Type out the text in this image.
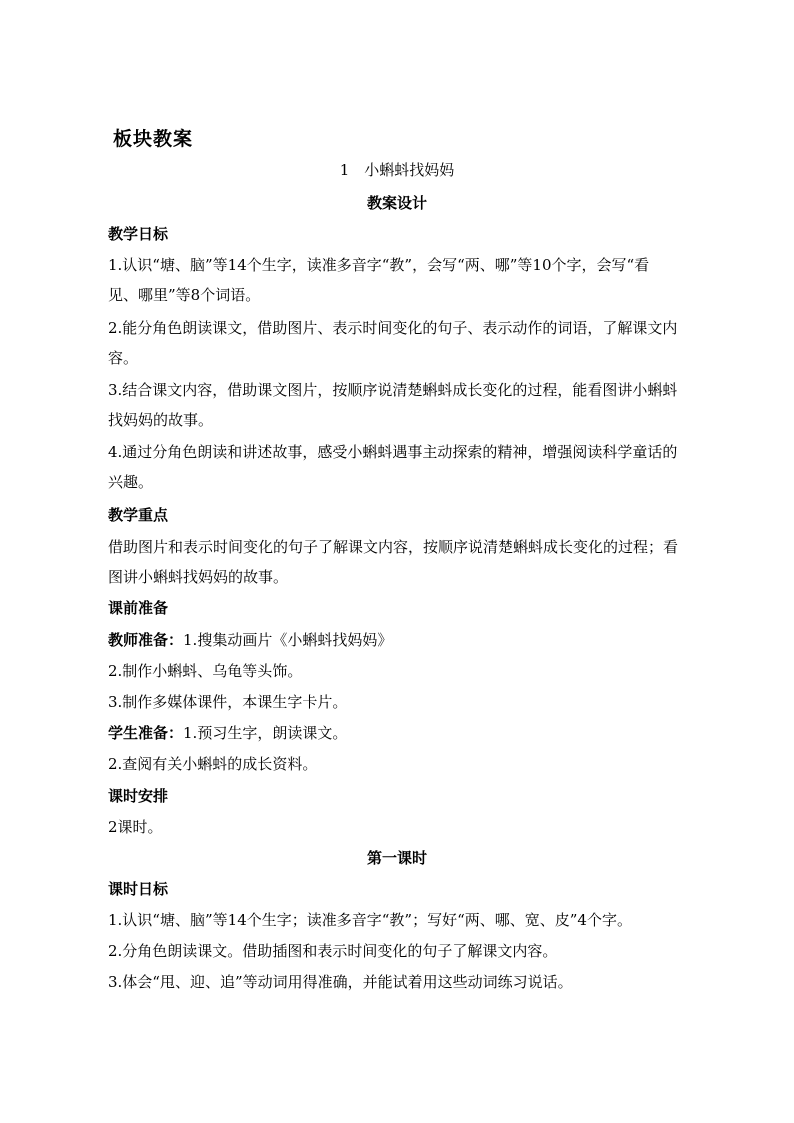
板块教案
1　小蝌蚪找妈妈
教案设计
教学日标
1.认识“塘、脑”等14个生字，读准多音字“教”，会写“两、哪”等10个字，会写“看
见、哪里”等8个词语。
2.能分角色朗读课文，借助图片、表示时间变化的句子、表示动作的词语，了解课文内
容。
3.结合课文内容，借助课文图片，按顺序说清楚蝌蚪成长变化的过程，能看图讲小蝌蚪
找妈妈的故事。
4.通过分角色朗读和讲述故事，感受小蝌蚪遇事主动探索的精神，增强阅读科学童话的
兴趣。
教学重点
借助图片和表示时间变化的句子了解课文内容，按顺序说清楚蝌蚪成长变化的过程；看
图讲小蝌蚪找妈妈的故事。
课前准备
教师准备：1.搜集动画片《小蝌蚪找妈妈》
2.制作小蝌蚪、乌龟等头饰。
3.制作多媒体课件，本课生字卡片。
学生准备：1.预习生字，朗读课文。
2.查阅有关小蝌蚪的成长资料。
课时安排
2课时。
第一课时
课时日标
1.认识“塘、脑”等14个生字；读准多音字“教”；写好“两、哪、宽、皮”4个字。
2.分角色朗读课文。借助插图和表示时间变化的句子了解课文内容。
3.体会“甩、迎、追”等动词用得准确，并能试着用这些动词练习说话。
